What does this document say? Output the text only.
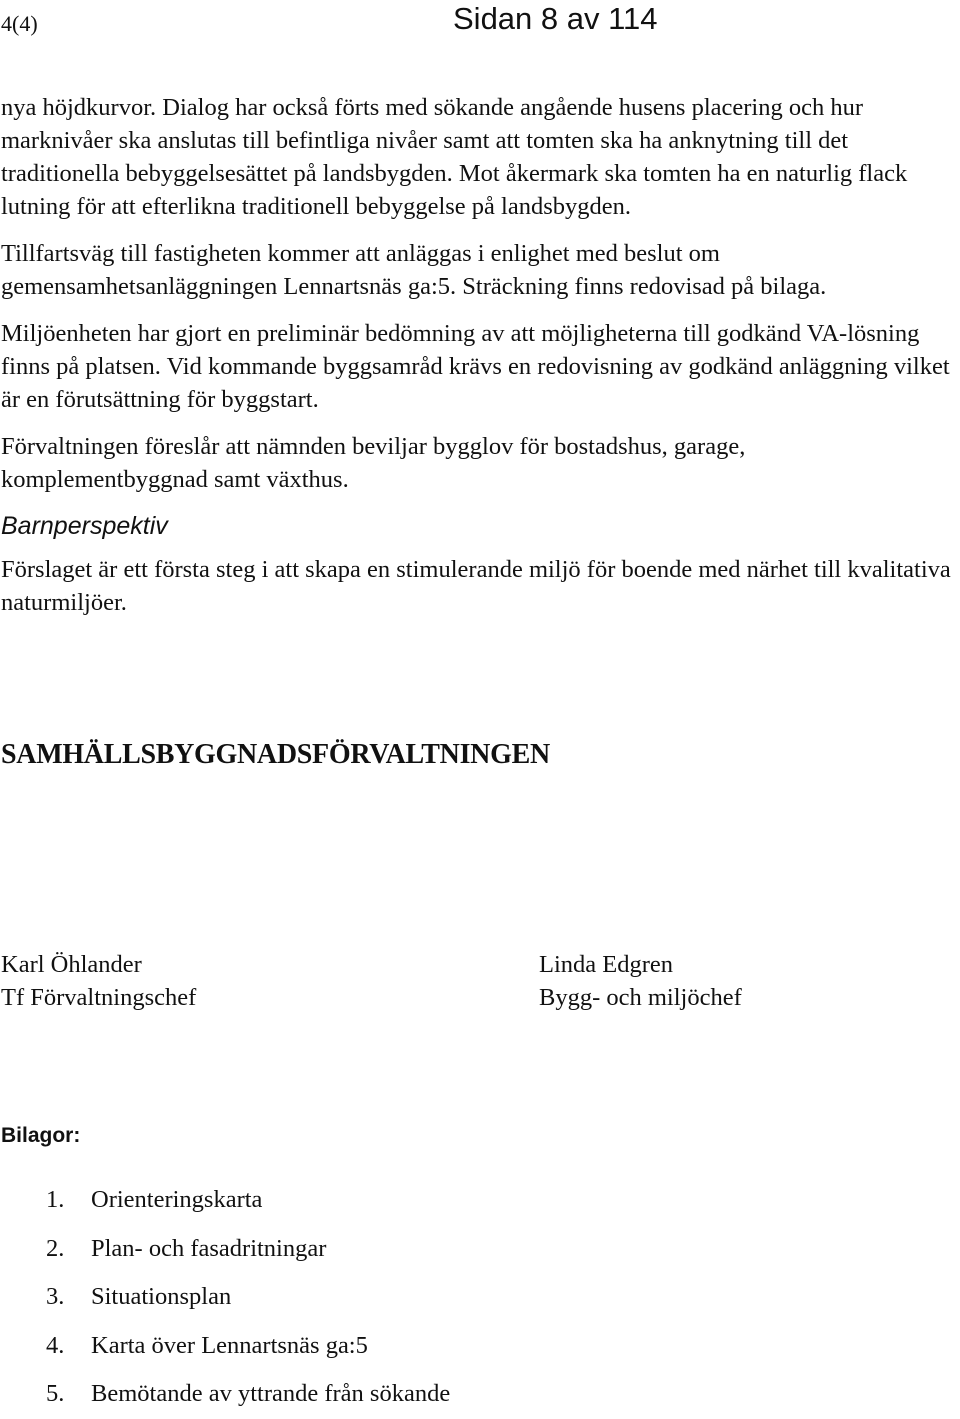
4(4)	Sidan 8 av 114

nya höjdkurvor. Dialog har också förts med sökande angående husens placering och hur marknivåer ska anslutas till befintliga nivåer samt att tomten ska ha anknytning till det traditionella bebyggelsesättet på landsbygden. Mot åkermark ska tomten ha en naturlig flack lutning för att efterlikna traditionell bebyggelse på landsbygden.

Tillfartsväg till fastigheten kommer att anläggas i enlighet med beslut om gemensamhetsanläggningen Lennartsnäs ga:5. Sträckning finns redovisad på bilaga.

Miljöenheten har gjort en preliminär bedömning av att möjligheterna till godkänd VA-lösning finns på platsen. Vid kommande byggsamråd krävs en redovisning av godkänd anläggning vilket är en förutsättning för byggstart.

Förvaltningen föreslår att nämnden beviljar bygglov för bostadshus, garage, komplementbyggnad samt växthus.

Barnperspektiv

Förslaget är ett första steg i att skapa en stimulerande miljö för boende med närhet till kvalitativa naturmiljöer.

SAMHÄLLSBYGGNADSFÖRVALTNINGEN
Karl Öhlander
Tf Förvaltningschef
Linda Edgren
Bygg- och miljöchef
Bilagor:
1. Orienteringskarta
2. Plan- och fasadritningar
3. Situationsplan
4. Karta över Lennartsnäs ga:5
5. Bemötande av yttrande från sökande
